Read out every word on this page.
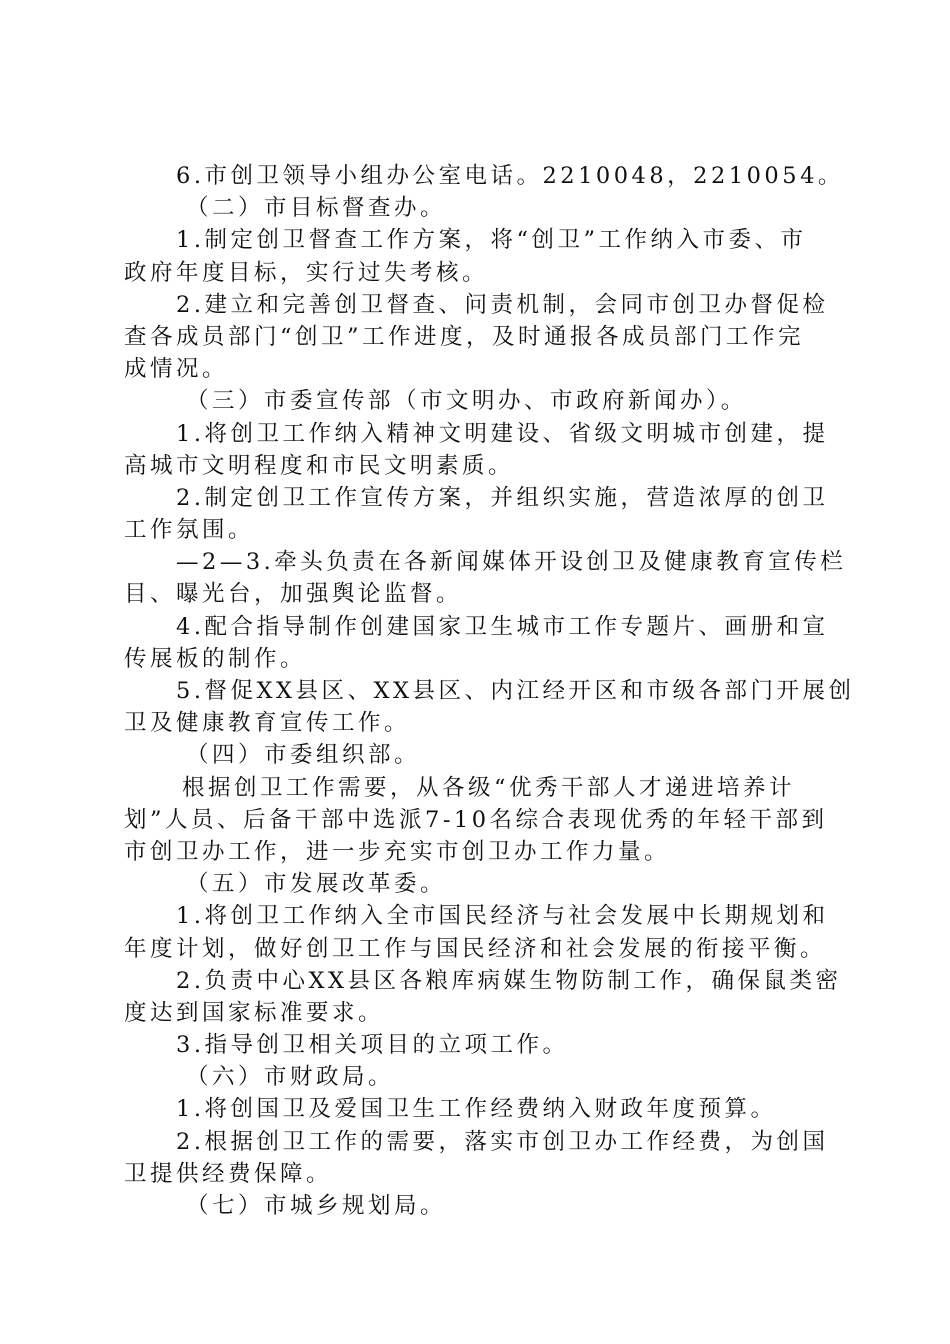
6.市创卫领导小组办公室电话。2210048，2210054。
（二）市目标督查办。
1.制定创卫督查工作方案，将“创卫”工作纳入市委、市
政府年度目标，实行过失考核。
2.建立和完善创卫督查、问责机制，会同市创卫办督促检
查各成员部门“创卫”工作进度，及时通报各成员部门工作完
成情况。
（三）市委宣传部（市文明办、市政府新闻办）。
1.将创卫工作纳入精神文明建设、省级文明城市创建，提
高城市文明程度和市民文明素质。
2.制定创卫工作宣传方案，并组织实施，营造浓厚的创卫
工作氛围。
—2—3.牵头负责在各新闻媒体开设创卫及健康教育宣传栏
目、曝光台，加强舆论监督。
4.配合指导制作创建国家卫生城市工作专题片、画册和宣
传展板的制作。
5.督促XX县区、XX县区、内江经开区和市级各部门开展创
卫及健康教育宣传工作。
（四）市委组织部。
根据创卫工作需要，从各级“优秀干部人才递进培养计
划”人员、后备干部中选派7-10名综合表现优秀的年轻干部到
市创卫办工作，进一步充实市创卫办工作力量。
（五）市发展改革委。
1.将创卫工作纳入全市国民经济与社会发展中长期规划和
年度计划，做好创卫工作与国民经济和社会发展的衔接平衡。
2.负责中心XX县区各粮库病媒生物防制工作，确保鼠类密
度达到国家标准要求。
3.指导创卫相关项目的立项工作。
（六）市财政局。
1.将创国卫及爱国卫生工作经费纳入财政年度预算。
2.根据创卫工作的需要，落实市创卫办工作经费，为创国
卫提供经费保障。
（七）市城乡规划局。
